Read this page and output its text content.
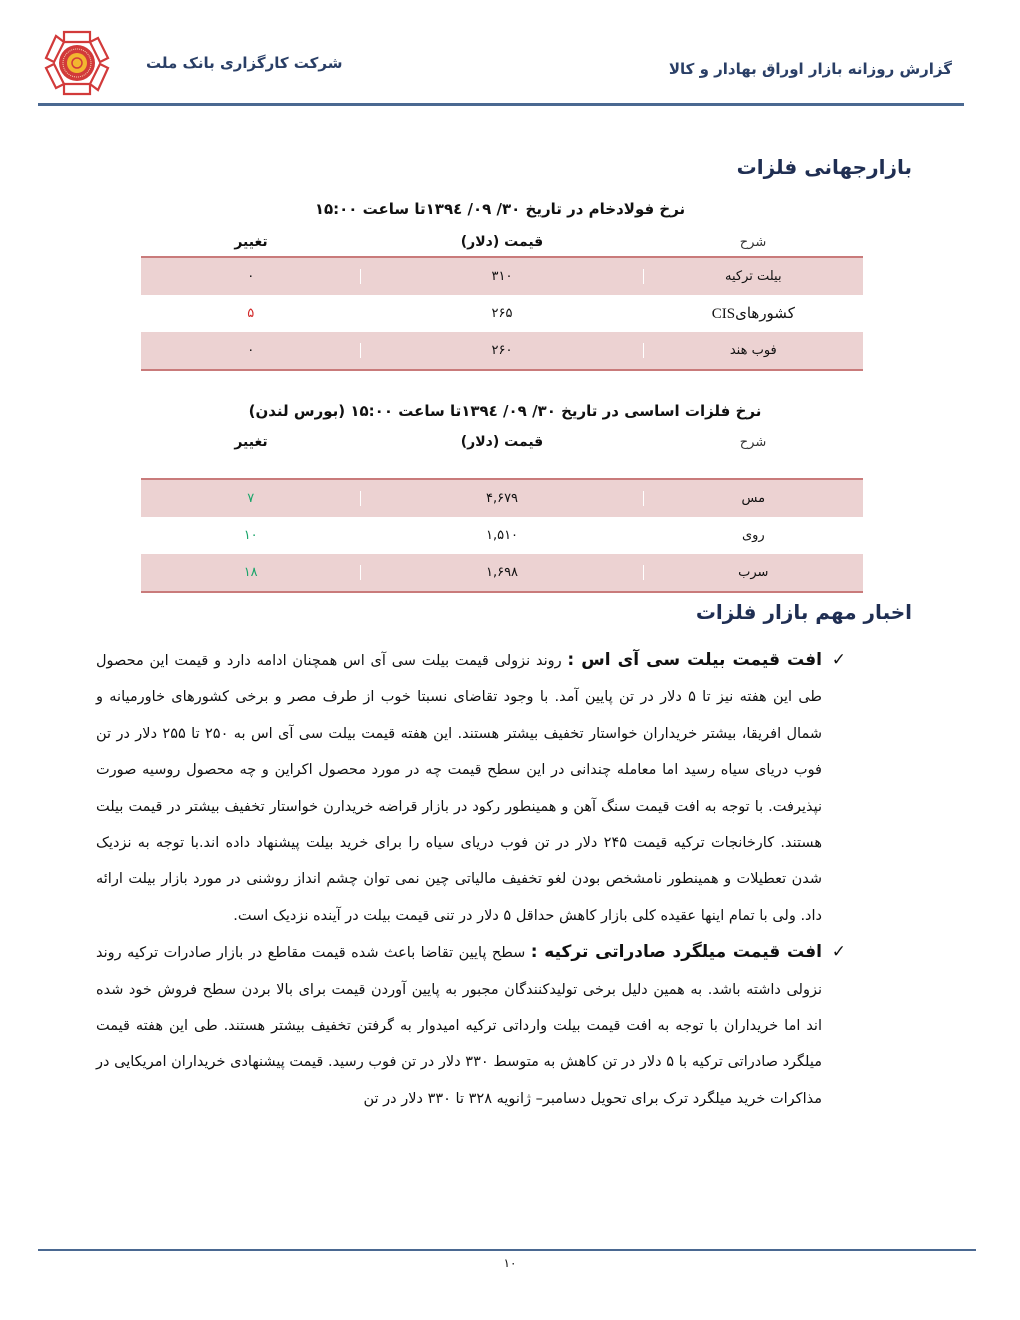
شرکت کارگزاری بانک ملت	گزارش روزانه بازار اوراق بهادار و کالا
بازارجهانی فلزات
نرخ فولادخام در تاریخ ۳۰/ ۰۹/ ١٣٩٤تا ساعت ۱۵:۰۰
شرح
قیمت (دلار)
تغییر
بیلت ترکیه
۳۱۰
۰
کشورهایCIS
۲۶۵
۵
فوب هند
۲۶۰
۰
نرخ فلزات اساسی در تاریخ ۳۰/ ۰۹/ ١٣٩٤تا ساعت ۱۵:۰۰ (بورس لندن)
شرح
قیمت (دلار)
تغییر
مس
۴,۶۷۹
۷
روی
۱,۵۱۰
۱۰
سرب
۱,۶۹۸
۱۸
اخبار مهم بازار فلزات
✓
افت قیمت بیلت سی آی اس : روند نزولی قیمت بیلت سی آی اس همچنان ادامه دارد و قیمت این محصول طی این هفته نیز تا ۵ دلار در تن پایین آمد. با وجود تقاضای نسبتا خوب از طرف مصر و برخی کشورهای خاورمیانه و شمال افریقا، بیشتر خریداران خواستار تخفیف بیشتر هستند. این هفته قیمت بیلت سی آی اس به ۲۵۰ تا ۲۵۵ دلار در تن فوب دریای سیاه رسید اما معامله چندانی در این سطح قیمت چه در مورد محصول اکراین و چه محصول روسیه صورت نپذیرفت. با توجه به افت قیمت سنگ آهن و همینطور رکود در بازار قراضه خریدارن خواستار تخفیف بیشتر در قیمت بیلت هستند. کارخانجات ترکیه قیمت ۲۴۵ دلار در تن فوب دریای سیاه را برای خرید بیلت پیشنهاد داده اند.با توجه به نزدیک شدن تعطیلات و همینطور نامشخص بودن لغو تخفیف مالیاتی چین نمی توان چشم انداز روشنی در مورد بازار بیلت ارائه داد. ولی با تمام اینها عقیده کلی بازار کاهش حداقل ۵ دلار در تنی قیمت بیلت در آینده نزدیک است.
✓
افت قیمت میلگرد صادراتی ترکیه : سطح پایین تقاضا باعث شده قیمت مقاطع در بازار صادرات ترکیه روند نزولی داشته باشد. به همین دلیل برخی تولیدکنندگان مجبور به پایین آوردن قیمت برای بالا بردن سطح فروش خود شده اند اما خریداران با توجه به افت قیمت بیلت وارداتی ترکیه امیدوار به گرفتن تخفیف بیشتر هستند. طی این هفته قیمت میلگرد صادراتی ترکیه با ۵ دلار در تن کاهش به متوسط ۳۳۰ دلار در تن فوب رسید. قیمت پیشنهادی خریداران امریکایی در مذاکرات خرید میلگرد ترک برای تحویل دسامبر– ژانویه ۳۲۸ تا ۳۳۰ دلار در تن
۱۰
